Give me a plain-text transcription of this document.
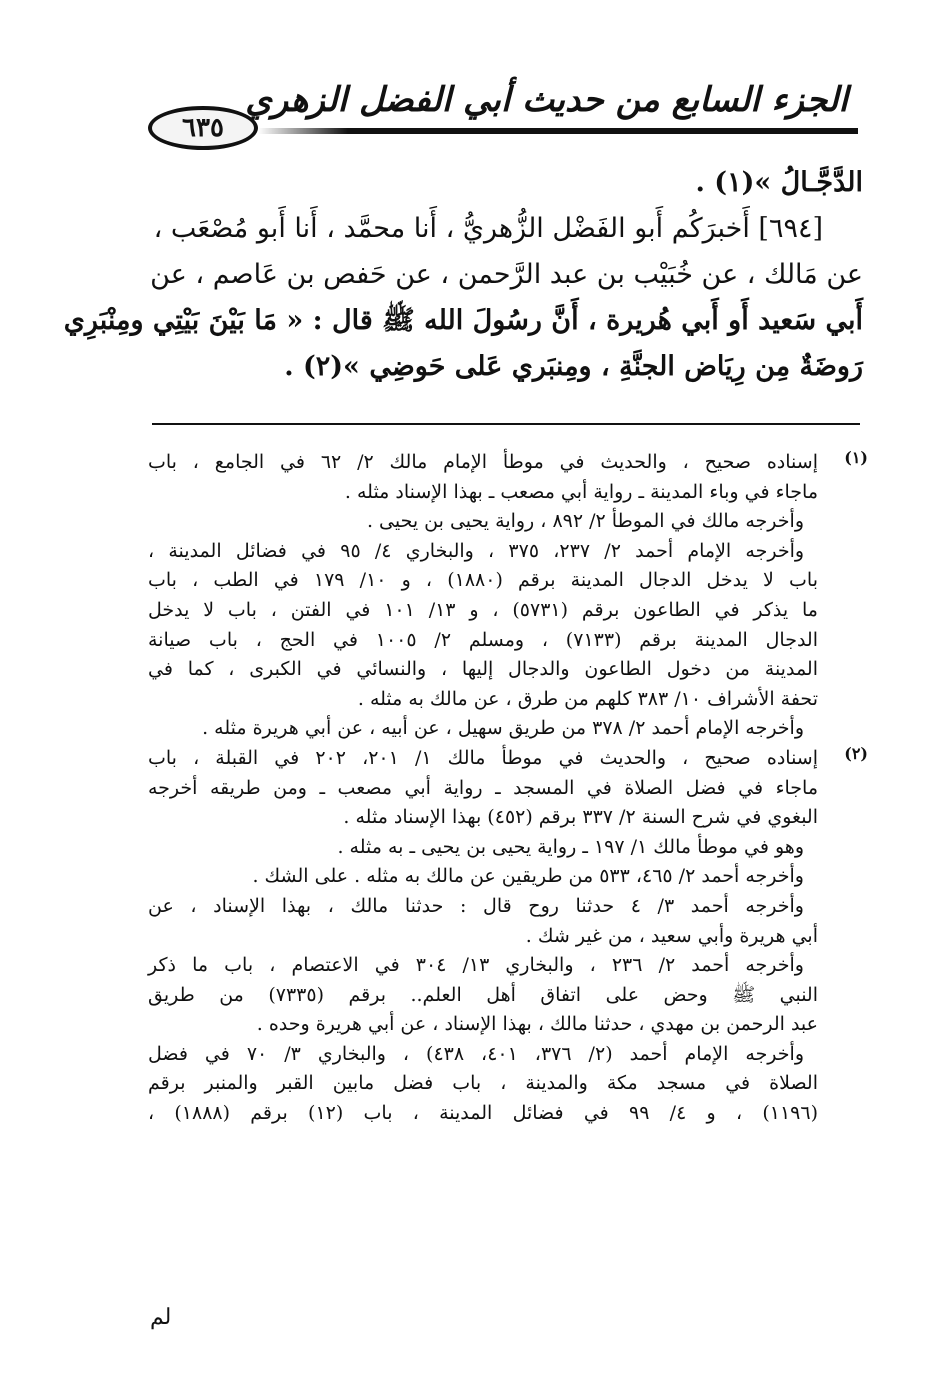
الجزء السابع من حديث أبي الفضل الزهري
٦٣٥
الدَّجَّـالُ »(١) .
[٦٩٤] أَخبرَكُم أَبو الفَضْل الزُّهريُّ ، أَنا محمَّد ، أَنا أَبو مُصْعَب ،
عن مَالك ، عن خُبَيْب بن عبد الرَّحمن ، عن حَفص بن عَاصم ، عن
أَبي سَعيد أَو أَبي هُريرة ، أَنَّ رسُولَ الله ﷺ قال : « مَا بَيْنَ بَيْتِي ومِنْبَرِي
رَوضَةٌ مِن رِيَاض الجنَّةِ ، ومِنبَري عَلى حَوضِي »(٢) .
(١)
إسناده صحيح ، والحديث في موطأ الإمام مالك ٢/ ٦٢ في الجامع ، باب
ماجاء في وباء المدينة ـ رواية أبي مصعب ـ بهذا الإسناد مثله .
وأخرجه مالك في الموطأ ٢/ ٨٩٢ ، رواية يحيى بن يحيى .
وأخرجه الإمام أحمد ٢/ ٢٣٧، ٣٧٥ ، والبخاري ٤/ ٩٥ في فضائل المدينة ،
باب لا يدخل الدجال المدينة برقم (١٨٨٠) ، و ١٠/ ١٧٩ في الطب ، باب
ما يذكر في الطاعون برقم (٥٧٣١) ، و ١٣/ ١٠١ في الفتن ، باب لا يدخل
الدجال المدينة برقم (٧١٣٣) ، ومسلم ٢/ ١٠٠٥ في الحج ، باب صيانة
المدينة من دخول الطاعون والدجال إليها ، والنسائي في الكبرى ، كما في
تحفة الأشراف ١٠/ ٣٨٣ كلهم من طرق ، عن مالك به مثله .
وأخرجه الإمام أحمد ٢/ ٣٧٨ من طريق سهيل ، عن أبيه ، عن أبي هريرة مثله .
(٢)
إسناده صحيح ، والحديث في موطأ مالك ١/ ٢٠١، ٢٠٢ في القبلة ، باب
ماجاء في فضل الصلاة في المسجد ـ رواية أبي مصعب ـ ومن طريقه أخرجه
البغوي في شرح السنة ٢/ ٣٣٧ برقم (٤٥٢) بهذا الإسناد مثله .
وهو في موطأ مالك ١/ ١٩٧ ـ رواية يحيى بن يحيى ـ به مثله .
وأخرجه أحمد ٢/ ٤٦٥، ٥٣٣ من طريقين عن مالك به مثله . على الشك .
وأخرجه أحمد ٣/ ٤ حدثنا روح قال : حدثنا مالك ، بهذا الإسناد ، عن
أبي هريرة وأبي سعيد ، من غير شك .
وأخرجه أحمد ٢/ ٢٣٦ ، والبخاري ١٣/ ٣٠٤ في الاعتصام ، باب ما ذكر
النبي ﷺ وحض على اتفاق أهل العلم.. برقم (٧٣٣٥) من طريق
عبد الرحمن بن مهدي ، حدثنا مالك ، بهذا الإسناد ، عن أبي هريرة وحده .
وأخرجه الإمام أحمد (٢/ ٣٧٦، ٤٠١، ٤٣٨) ، والبخاري ٣/ ٧٠ في فضل
الصلاة في مسجد مكة والمدينة ، باب فضل مابين القبر والمنبر برقم
(١١٩٦) ، و ٤/ ٩٩ في فضائل المدينة ، باب (١٢) برقم (١٨٨٨) ،
لم
